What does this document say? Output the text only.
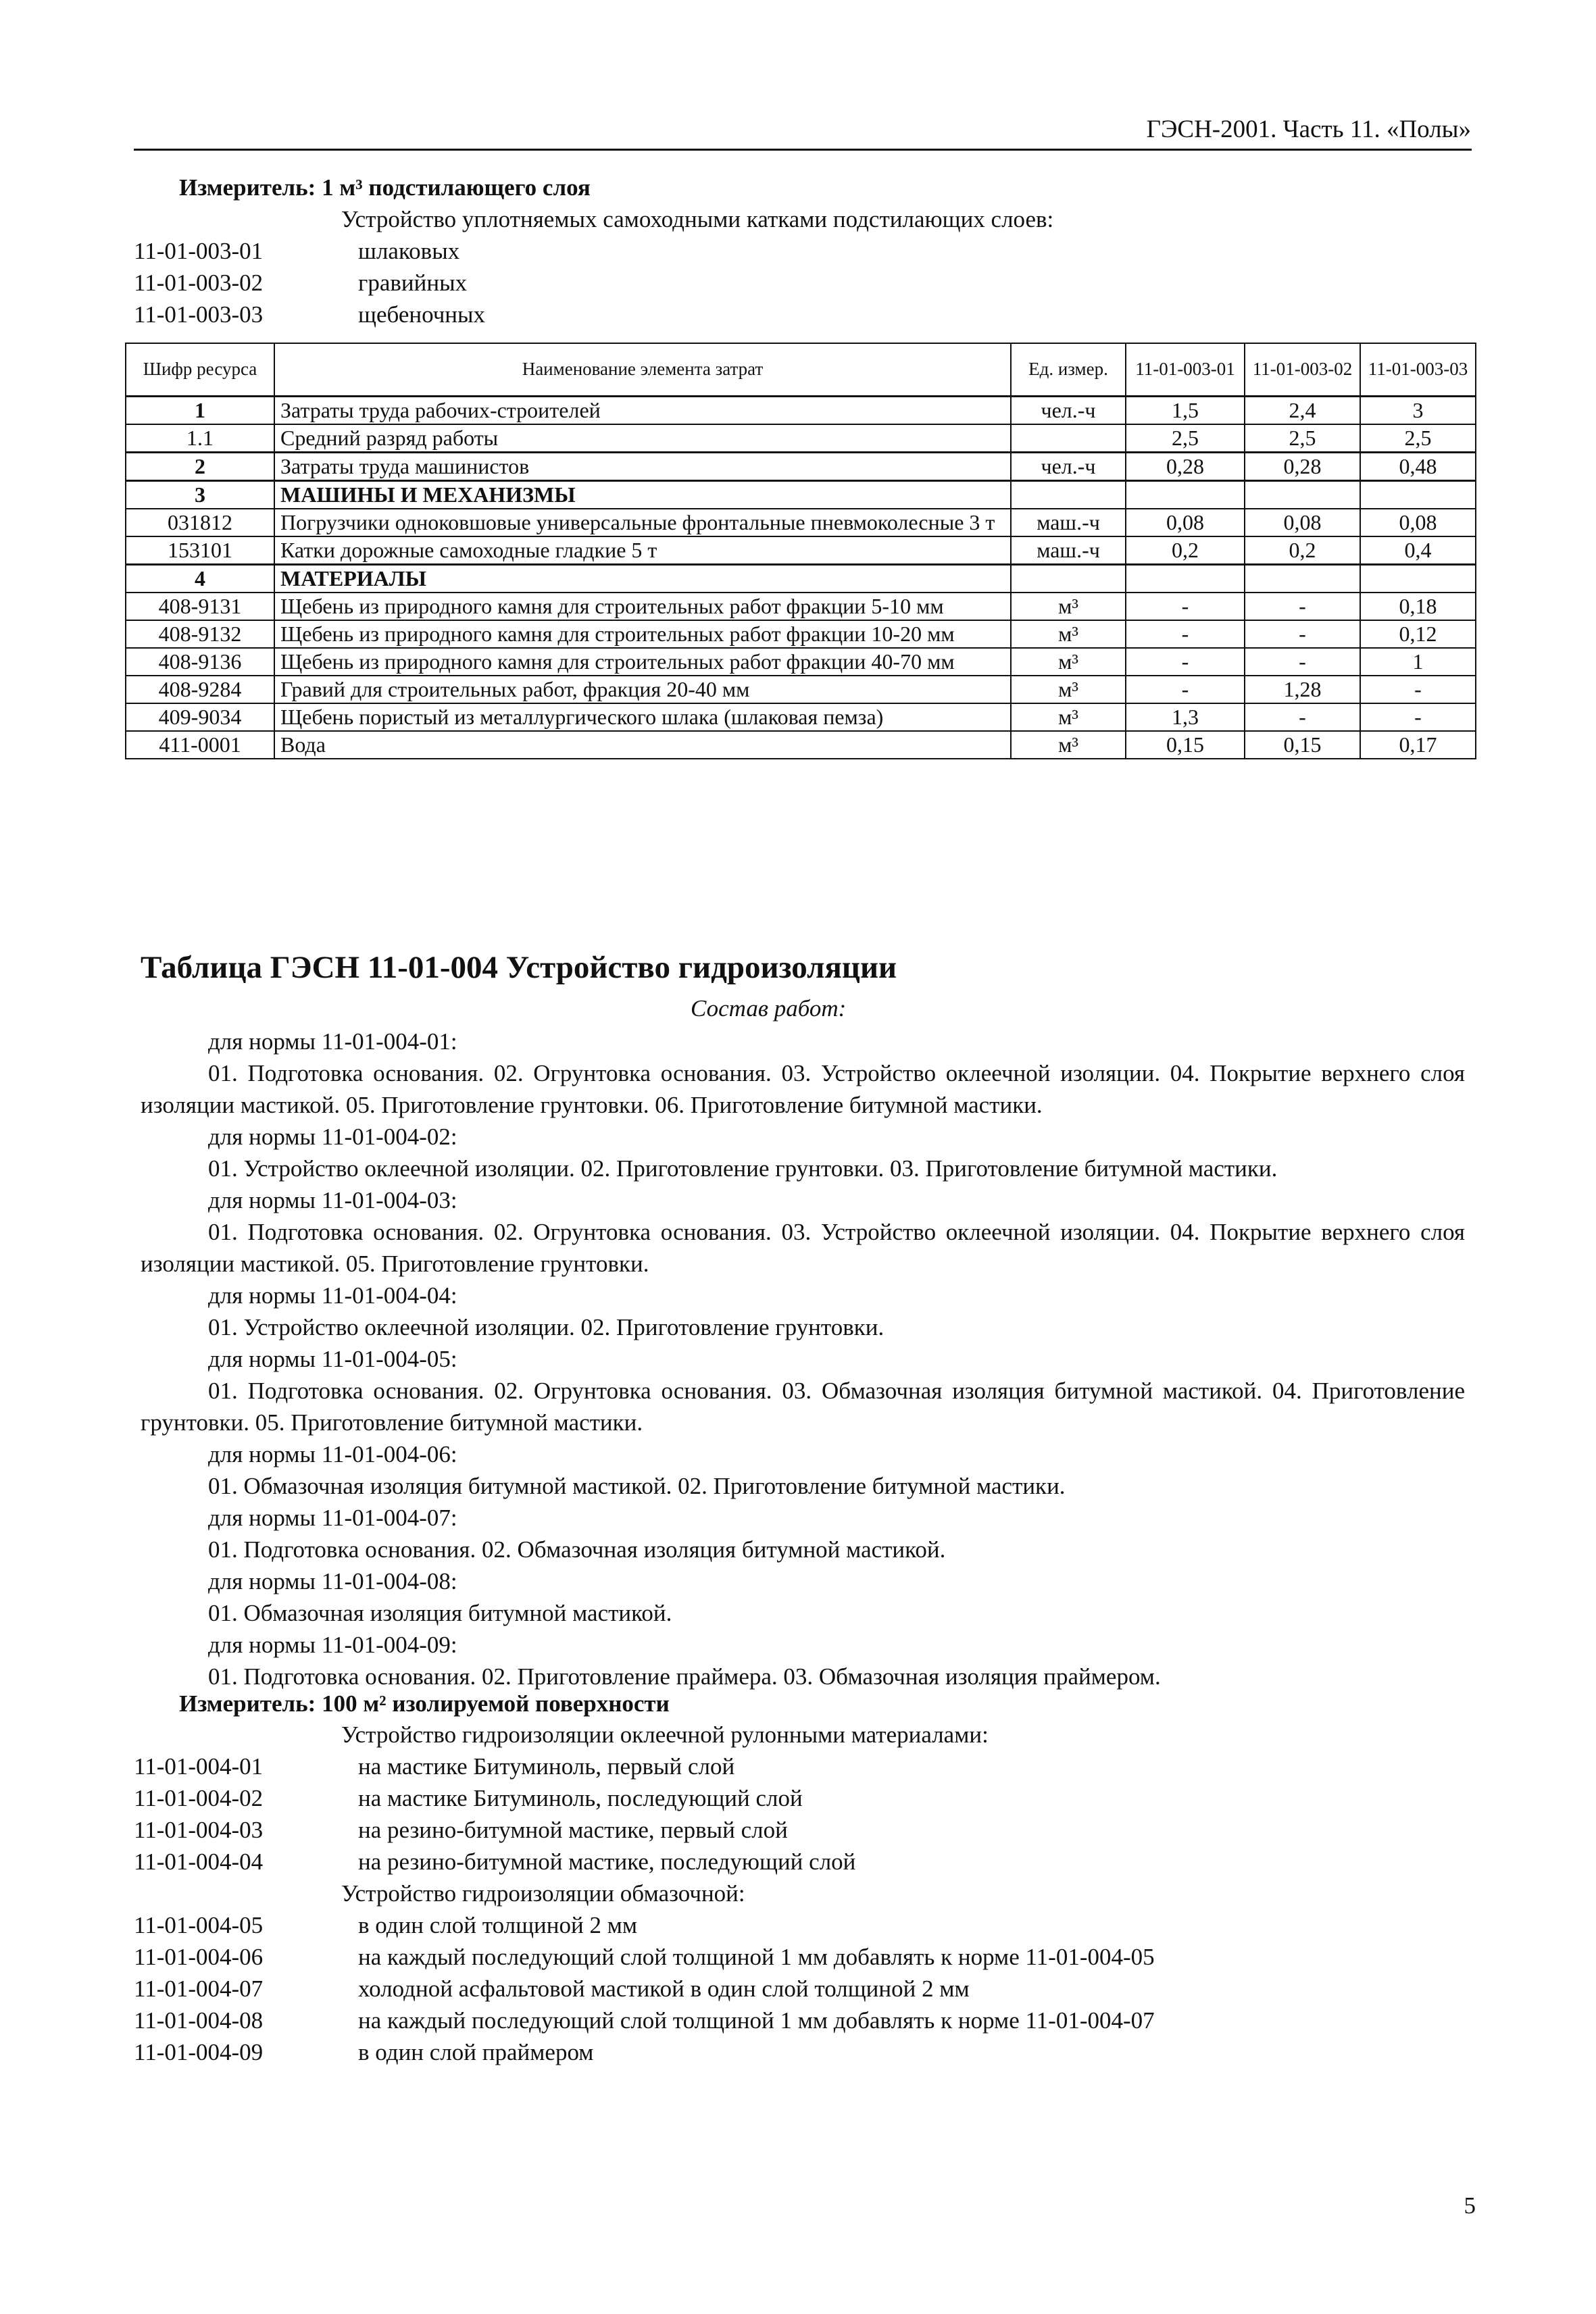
ГЭСН-2001. Часть 11. «Полы»
Измеритель: 1 м³ подстилающего слоя
Устройство уплотняемых самоходными катками подстилающих слоев:
11-01-003-01	шлаковых
11-01-003-02	гравийных
11-01-003-03	щебеночных
Шифр ресурса	Наименование элемента затрат	Ед. измер.	11-01-003-01	11-01-003-02	11-01-003-03
1	Затраты труда рабочих-строителей	чел.-ч	1,5	2,4	3
1.1	Средний разряд работы		2,5	2,5	2,5
2	Затраты труда машинистов	чел.-ч	0,28	0,28	0,48
3	МАШИНЫ И МЕХАНИЗМЫ				
031812	Погрузчики одноковшовые универсальные фронтальные пневмоколесные 3 т	маш.-ч	0,08	0,08	0,08
153101	Катки дорожные самоходные гладкие 5 т	маш.-ч	0,2	0,2	0,4
4	МАТЕРИАЛЫ				
408-9131	Щебень из природного камня для строительных работ фракции 5-10 мм	м³	-	-	0,18
408-9132	Щебень из природного камня для строительных работ фракции 10-20 мм	м³	-	-	0,12
408-9136	Щебень из природного камня для строительных работ фракции 40-70 мм	м³	-	-	1
408-9284	Гравий для строительных работ, фракция 20-40 мм	м³	-	1,28	-
409-9034	Щебень пористый из металлургического шлака (шлаковая пемза)	м³	1,3	-	-
411-0001	Вода	м³	0,15	0,15	0,17
Таблица ГЭСН 11-01-004 Устройство гидроизоляции
Состав работ:
для нормы 11-01-004-01:
01. Подготовка основания. 02. Огрунтовка основания. 03. Устройство оклеечной изоляции. 04. Покрытие верхнего слоя изоляции мастикой. 05. Приготовление грунтовки. 06. Приготовление битумной мастики.
для нормы 11-01-004-02:
01. Устройство оклеечной изоляции. 02. Приготовление грунтовки. 03. Приготовление битумной мастики.
для нормы 11-01-004-03:
01. Подготовка основания. 02. Огрунтовка основания. 03. Устройство оклеечной изоляции. 04. Покрытие верхнего слоя изоляции мастикой. 05. Приготовление грунтовки.
для нормы 11-01-004-04:
01. Устройство оклеечной изоляции. 02. Приготовление грунтовки.
для нормы 11-01-004-05:
01. Подготовка основания. 02. Огрунтовка основания. 03. Обмазочная изоляция битумной мастикой. 04. Приготовление грунтовки. 05. Приготовление битумной мастики.
для нормы 11-01-004-06:
01. Обмазочная изоляция битумной мастикой. 02. Приготовление битумной мастики.
для нормы 11-01-004-07:
01. Подготовка основания. 02. Обмазочная изоляция битумной мастикой.
для нормы 11-01-004-08:
01. Обмазочная изоляция битумной мастикой.
для нормы 11-01-004-09:
01. Подготовка основания. 02. Приготовление праймера. 03. Обмазочная изоляция праймером.
Измеритель: 100 м² изолируемой поверхности
Устройство гидроизоляции оклеечной рулонными материалами:
11-01-004-01	на мастике Битуминоль, первый слой
11-01-004-02	на мастике Битуминоль, последующий слой
11-01-004-03	на резино-битумной мастике, первый слой
11-01-004-04	на резино-битумной мастике, последующий слой
Устройство гидроизоляции обмазочной:
11-01-004-05	в один слой толщиной 2 мм
11-01-004-06	на каждый последующий слой толщиной 1 мм добавлять к норме 11-01-004-05
11-01-004-07	холодной асфальтовой мастикой в один слой толщиной 2 мм
11-01-004-08	на каждый последующий слой толщиной 1 мм добавлять к норме 11-01-004-07
11-01-004-09	в один слой праймером
5
